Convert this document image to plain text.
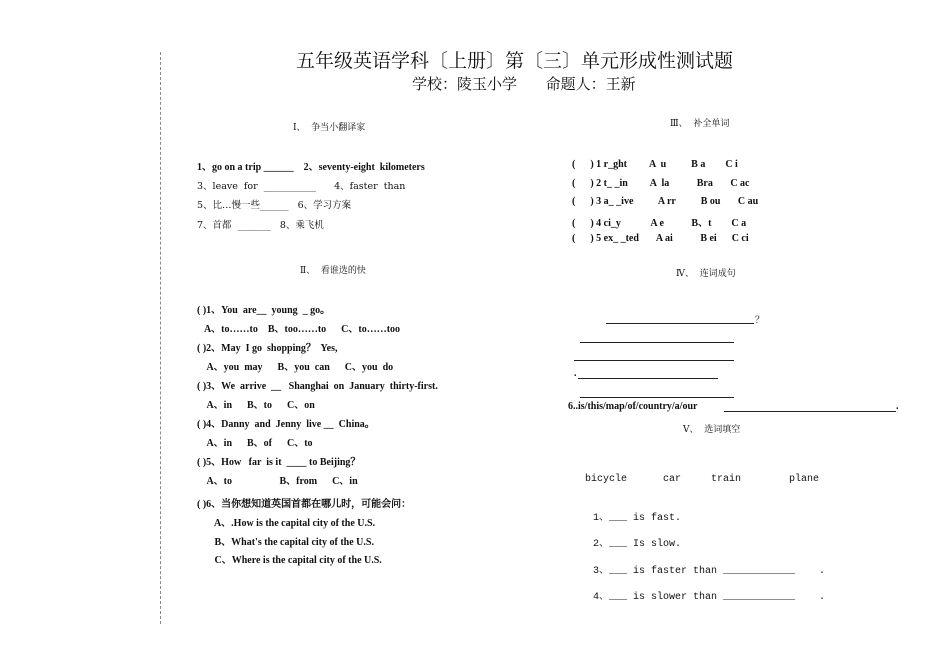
五年级英语学科〔上册〕第〔三〕单元形成性测试题
学校：陵玉小学      命题人：王新
Ⅰ、  争当小翻译家
1、go on a trip ______    2、seventy-eight  kilometers
3、leave  for  ___________      4、faster  than
5、比…慢一些______   6、学习方案
7、首都  _______   8、乘飞机
Ⅱ、  看谁选的快
( )1、You  are__  young  _ go。
A、to……to    B、too……to      C、to……too
( )2、May  I go  shopping？  Yes,
A、you  may      B、you  can      C、you  do
( )3、We  arrive  __   Shanghai  on  January  thirty-first.
A、in      B、to      C、on
( )4、Danny  and  Jenny  live __  China。
A、in      B、of      C、to
( )5、How   far  is it  ____ to Beijing？
A、to                   B、from      C、in
( )6、当你想知道英国首都在哪儿时，可能会问：
A、.How is the capital city of the U.S.
B、What's the capital city of the U.S.
C、Where is the capital city of the U.S.
Ⅲ、  补全单词
(      ) 1 r_ght         A  u          B a        C i
(      ) 2 t_ _in         A  la           Bra       C ac
(      ) 3 a_ _ive          A rr          B ou       C au
(      ) 4 ci_y            A e           B、t        C a
(      ) 5 ex_ _ted       A ai           B ei      C ci
Ⅳ、  连词成句
？
.
6..is/this/map/of/country/a/our	.
Ⅴ、  选词填空
bicycle      car     train        plane
1、___ is fast.
2、___ Is slow.
3、___ is faster than ____________    .
4、___ is slower than ____________    .
